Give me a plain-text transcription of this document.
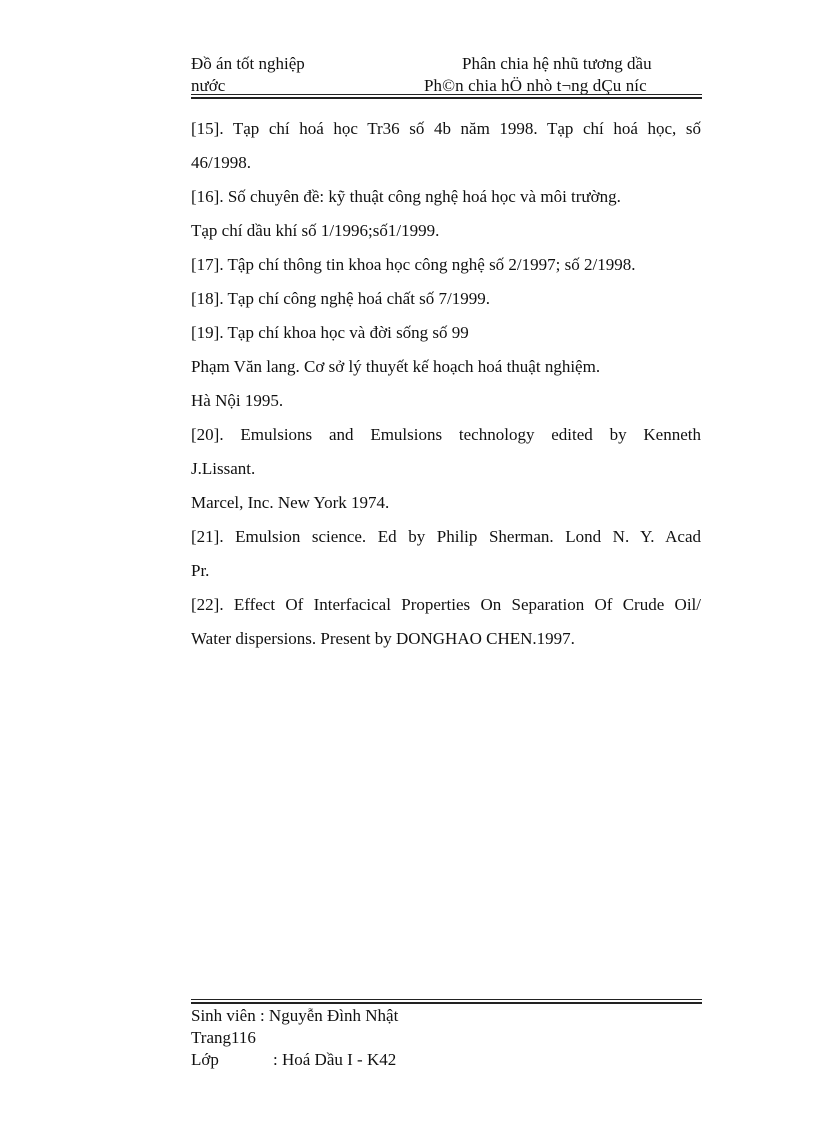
Đồ án tốt nghiệp	Phân chia hệ nhũ tương dầu
nước	Ph©n chia hÖ nhò t¬ng dÇu níc
[15]. Tạp chí hoá học Tr36 số 4b năm 1998. Tạp chí hoá học, số
46/1998.
[16]. Số chuyên đề: kỹ thuật công nghệ hoá học và môi trường.
Tạp chí dầu khí số 1/1996;số1/1999.
[17]. Tập chí thông tin khoa học công nghệ số 2/1997; số 2/1998.
[18]. Tạp chí công nghệ hoá chất số 7/1999.
[19]. Tạp chí khoa học và đời sống số 99
Phạm Văn lang. Cơ sở lý thuyết kế hoạch hoá thuật nghiệm.
Hà Nội 1995.
[20]. Emulsions and Emulsions technology edited by Kenneth
J.Lissant.
Marcel, Inc. New York 1974.
[21]. Emulsion science. Ed by Philip Sherman. Lond N. Y. Acad
Pr.
[22]. Effect Of Interfacical Properties On Separation Of Crude Oil/
Water dispersions. Present by DONGHAO CHEN.1997.
Sinh viên : Nguyễn Đình Nhật
Trang116
Lớp	: Hoá Dầu I - K42
